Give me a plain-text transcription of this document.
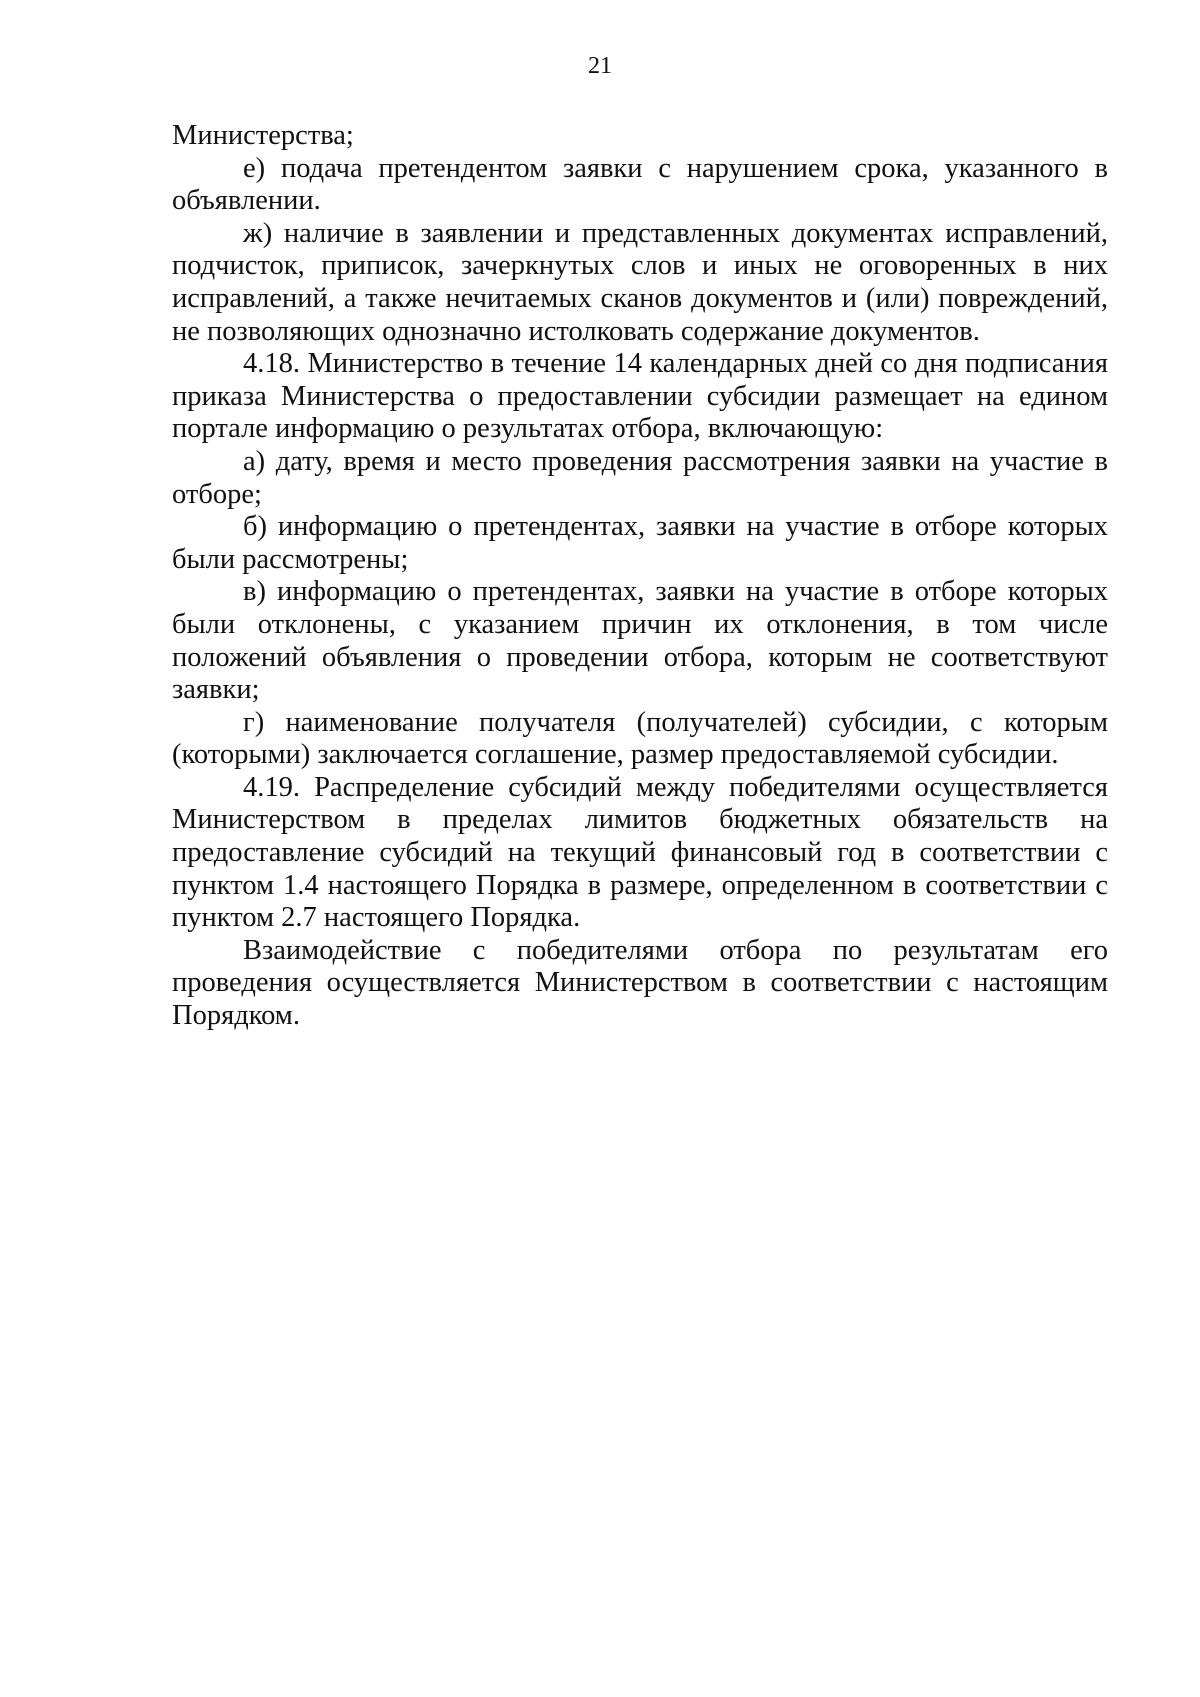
21

Министерства;

е) подача претендентом заявки с нарушением срока, указанного в объявлении.

ж) наличие в заявлении и представленных документах исправлений, подчисток, приписок, зачеркнутых слов и иных не оговоренных в них исправлений, а также нечитаемых сканов документов и (или) повреждений, не позволяющих однозначно истолковать содержание документов.

4.18. Министерство в течение 14 календарных дней со дня подписания приказа Министерства о предоставлении субсидии размещает на едином портале информацию о результатах отбора, включающую:

а) дату, время и место проведения рассмотрения заявки на участие в отборе;

б) информацию о претендентах, заявки на участие в отборе которых были рассмотрены;

в) информацию о претендентах, заявки на участие в отборе которых были отклонены, с указанием причин их отклонения, в том числе положений объявления о проведении отбора, которым не соответствуют заявки;

г) наименование получателя (получателей) субсидии, с которым (которыми) заключается соглашение, размер предоставляемой субсидии.

4.19. Распределение субсидий между победителями осуществляется Министерством в пределах лимитов бюджетных обязательств на предоставление субсидий на текущий финансовый год в соответствии с пунктом 1.4 настоящего Порядка в размере, определенном в соответствии с пунктом 2.7 настоящего Порядка.

Взаимодействие с победителями отбора по результатам его проведения осуществляется Министерством в соответствии с настоящим Порядком.
